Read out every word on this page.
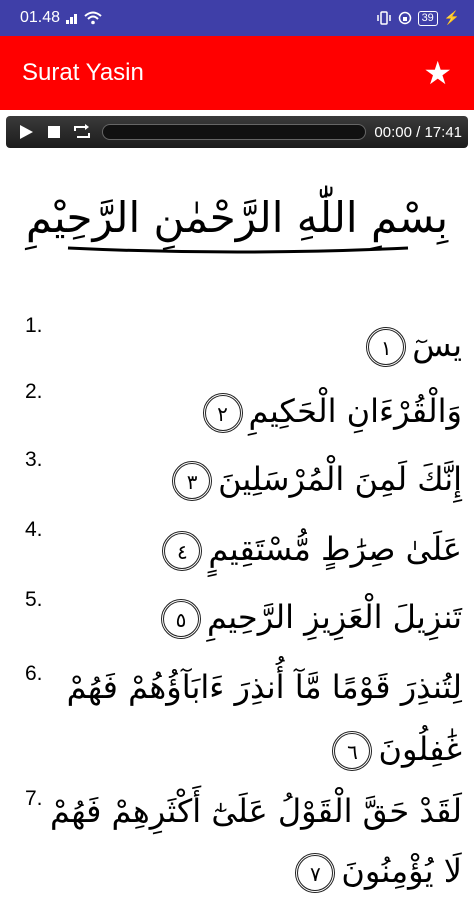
01.48	39 ⚡
Surat Yasin	★
00:00 / 17:41
بِسْمِ اللّٰهِ الرَّحْمٰنِ الرَّحِيْمِ
1.
يسٓ١
2.
وَالْقُرْءَانِ الْحَكِيمِ٢
3.
إِنَّكَ لَمِنَ الْمُرْسَلِينَ٣
4.
عَلَىٰ صِرَٰطٍ مُّسْتَقِيمٍ٤
5.	تَنزِيلَ الْعَزِيزِ الرَّحِيمِ٥
6. لِتُنذِرَ قَوْمًا مَّآ أُنذِرَ ءَابَآؤُهُمْ فَهُمْ
غَٰفِلُونَ٦
7. لَقَدْ حَقَّ الْقَوْلُ عَلَىٰٓ أَكْثَرِهِمْ فَهُمْ
لَا يُؤْمِنُونَ٧
